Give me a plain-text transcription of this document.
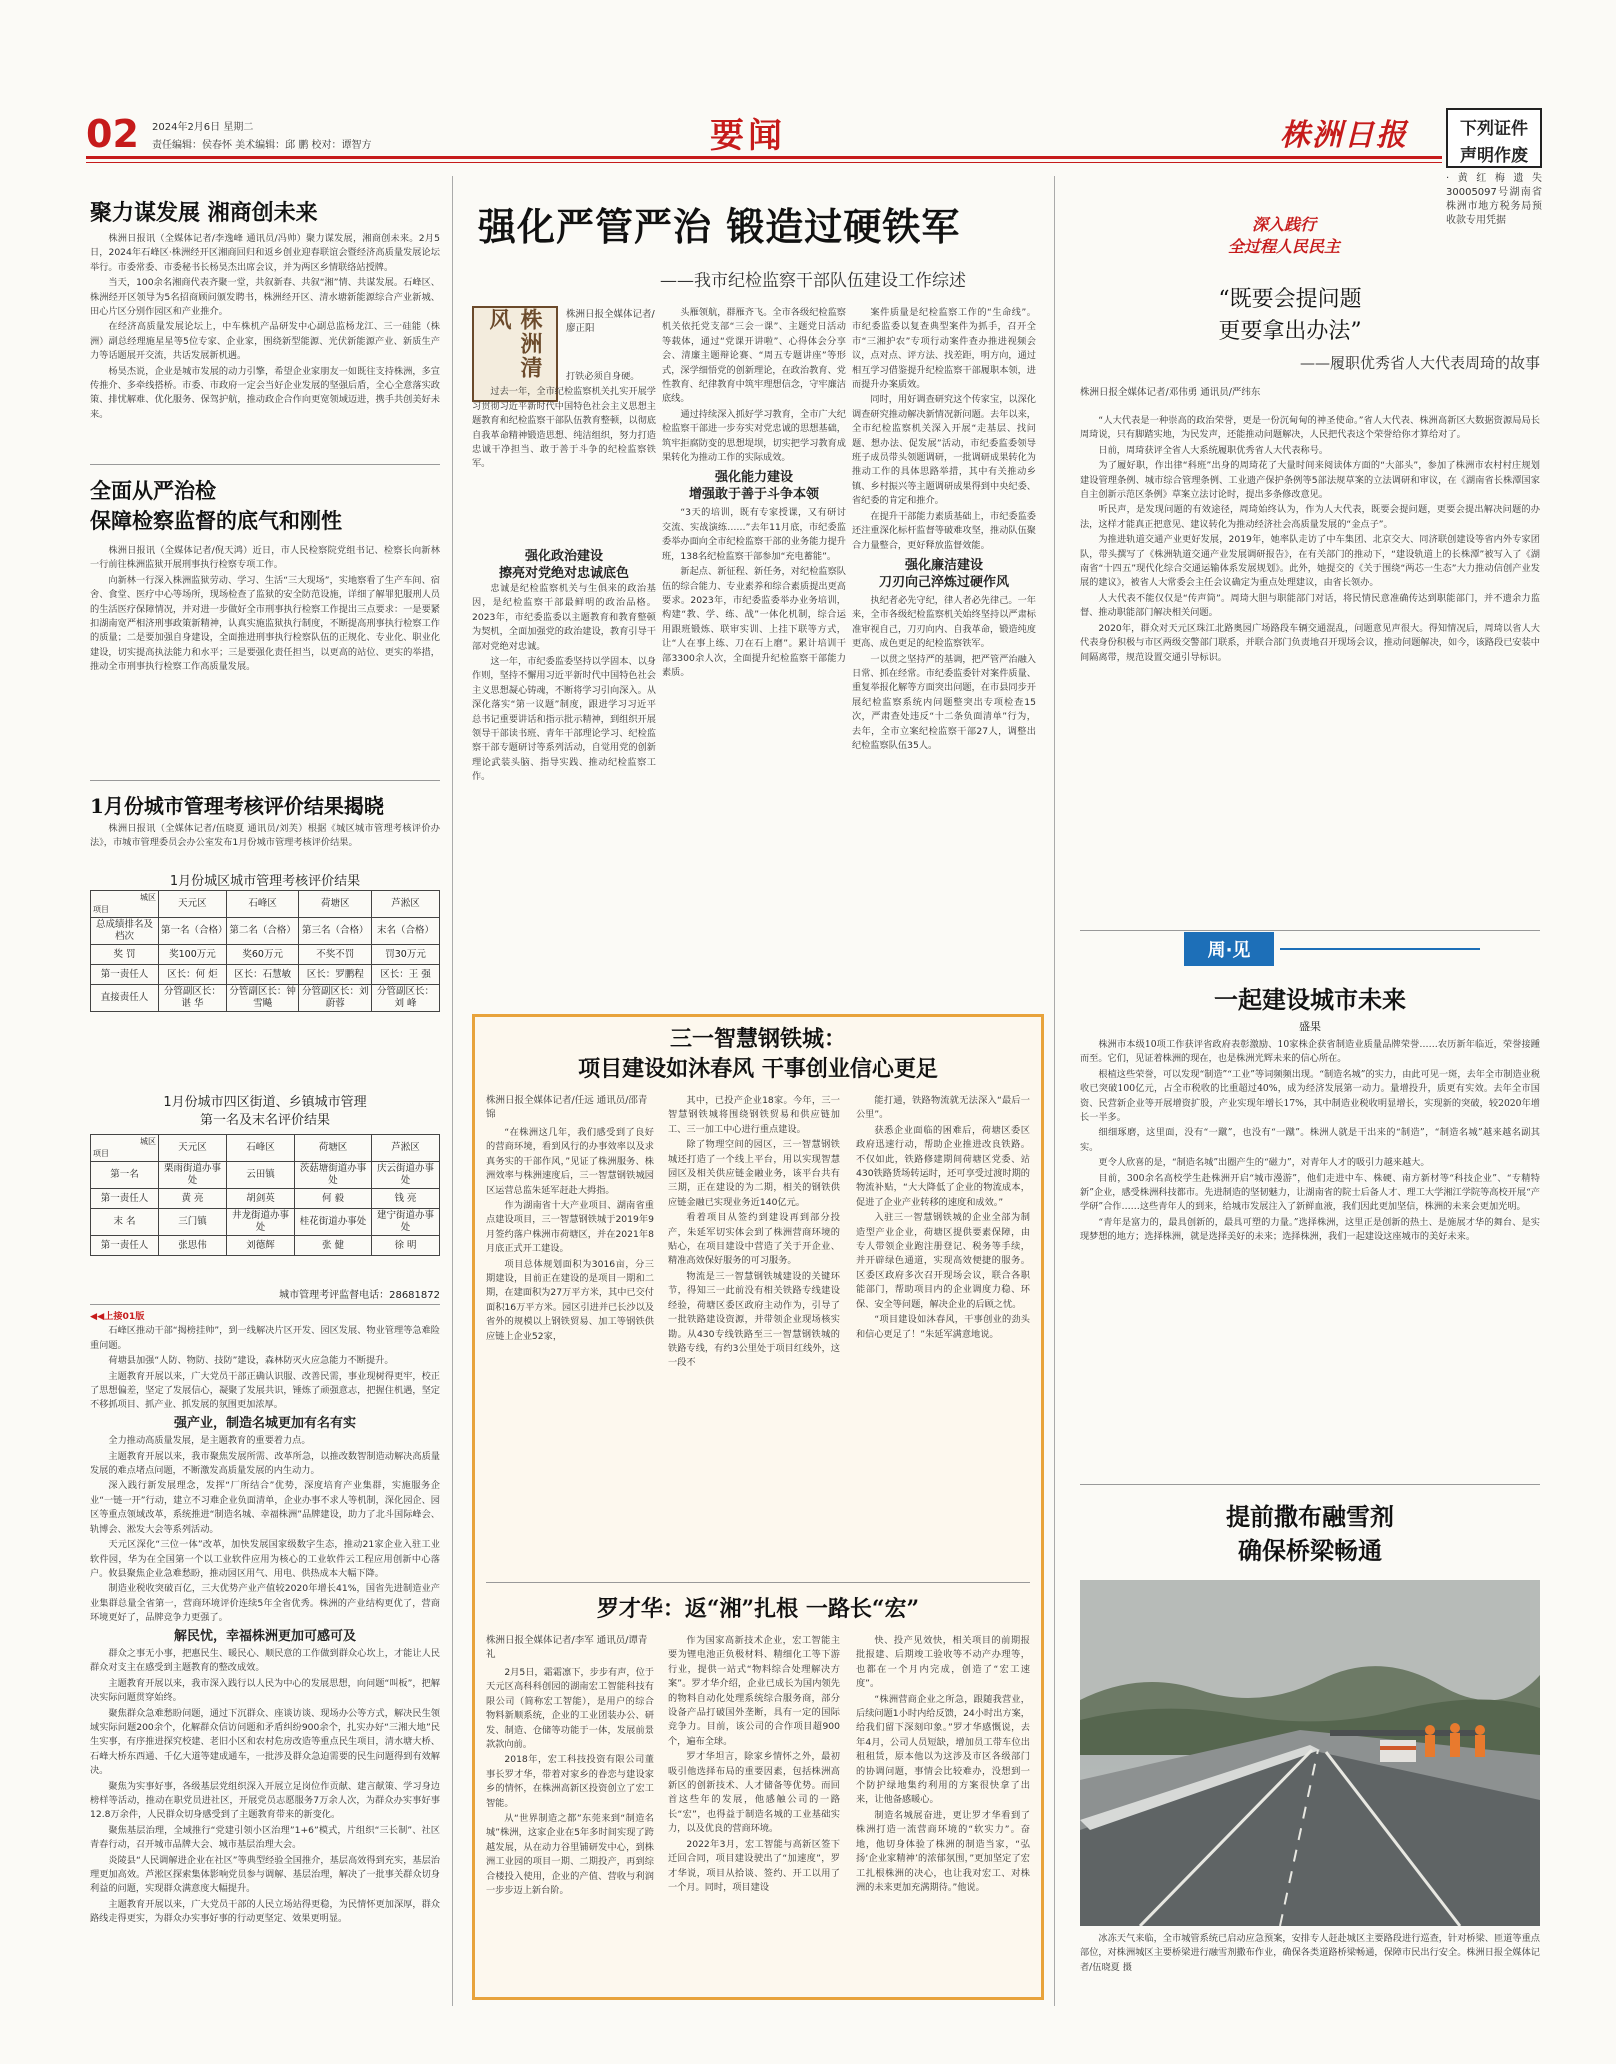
02 2024年2月6日 星期二
责任编辑：侯春怀 美术编辑：邱 鹏 校对：谭智方	要闻	株洲日报	下列证件
声明作废
·黄红梅遗失30005097号湖南省株洲市地方税务局预收款专用凭据
聚力谋发展 湘商创未来

株洲日报讯（全媒体记者/李逸峰 通讯员/冯帅）聚力谋发展，湘商创未来。2月5日，2024年石峰区·株洲经开区湘商回归和返乡创业迎春联谊会暨经济高质量发展论坛举行。市委常委、市委秘书长杨昊杰出席会议，并为两区乡情联络站授牌。

当天，100余名湘商代表齐聚一堂，共叙新春、共叙“湘”情、共谋发展。石峰区、株洲经开区领导为5名招商顾问颁发聘书，株洲经开区、清水塘新能源综合产业新城、田心片区分别作园区和产业推介。

在经济高质量发展论坛上，中车株机产品研发中心副总监杨龙江、三一硅能（株洲）副总经理施星星等5位专家、企业家，围绕新型能源、光伏新能源产业、新质生产力等话题展开交流，共话发展新机遇。

杨昊杰说，企业是城市发展的动力引擎，希望企业家朋友一如既往支持株洲，多宣传推介、多牵线搭桥。市委、市政府一定会当好企业发展的坚强后盾，全心全意落实政策、排忧解难、优化服务、保驾护航，推动政企合作向更宽领域迈进，携手共创美好未来。

全面从严治检
保障检察监督的底气和刚性

株洲日报讯（全媒体记者/倪天鸿）近日，市人民检察院党组书记、检察长向新林一行前往株洲监狱开展刑事执行检察专项工作。

向新林一行深入株洲监狱劳动、学习、生活“三大现场”，实地察看了生产车间、宿舍、食堂、医疗中心等场所，现场检查了监狱的安全防范设施，详细了解罪犯服刑人员的生活医疗保障情况，并对进一步做好全市刑事执行检察工作提出三点要求：一是要紧扣湖南宽严相济刑事政策新精神，认真实施监狱执行制度，不断提高刑事执行检察工作的质量；二是要加强自身建设，全面推进刑事执行检察队伍的正规化、专业化、职业化建设，切实提高执法能力和水平；三是要强化责任担当，以更高的站位、更实的举措，推动全市刑事执行检察工作高质量发展。

1月份城市管理考核评价结果揭晓
株洲日报讯（全媒体记者/伍晓夏 通讯员/刘芙）根据《城区城市管理考核评价办法》，市城市管理委员会办公室发布1月份城市管理考核评价结果。
1月份城区城市管理考核评价结果
城区
项目	天元区	石峰区	荷塘区	芦淞区
总成绩排名及档次	第一名（合格）	第二名（合格）	第三名（合格）	末名（合格）
奖 罚	奖100万元	奖60万元	不奖不罚	罚30万元
第一责任人	区长：何 炬	区长：石慧敏	区长：罗鹏程	区长：王 强
直接责任人	分管副区长：谌 华	分管副区长：钟雪飚	分管副区长：刘蔚蓉	分管副区长：刘 峰
1月份城市四区街道、乡镇城市管理
第一名及末名评价结果
城区
项目	天元区	石峰区	荷塘区	芦淞区
第一名	栗雨街道办事处	云田镇	茨菇塘街道办事处	庆云街道办事处
第一责任人	黄 亮	胡剑英	何 毅	钱 亮
末 名	三门镇	井龙街道办事处	桂花街道办事处	建宁街道办事处
第一责任人	张思伟	刘德辉	张 健	徐 明
城市管理考评监督电话：28681872
◀◀上接01版

石峰区推动干部“揭榜挂帅”，到一线解决片区开发、园区发展、物业管理等急难险重问题。

荷塘县加强“人防、物防、技防”建设，森林防灭火应急能力不断提升。

主题教育开展以来，广大党员干部正确认识服、改善民需，事业现树得更牢，校正了思想偏差，坚定了发展信心，凝聚了发展共识，锤炼了顽强意志，把握住机遇，坚定不移抓项目、抓产业、抓发展的氛围更加浓厚。

强产业，制造名城更加有名有实

全力推动高质量发展，是主题教育的重要着力点。

主题教育开展以来，我市聚焦发展所需、改革所急，以推改数智制造动解决高质量发展的难点堵点问题，不断激发高质量发展的内生动力。

深入践行新发展理念，发挥“厂所结合”优势，深度培育产业集群，实施服务企业“一链一开”行动，建立不习难企业负面清单，企业办事不求人等机制，深化园企、园区等重点领域改革，系统推进“制造名城、幸福株洲”品牌建设，助力了北斗国际峰会、轨博会、淞发大会等系列活动。

天元区深化“三位一体”改革，加快发展国家级数字生态，推动21家企业入驻工业软件园，华为在全国第一个以工业软件应用为核心的工业软件云工程应用创新中心落户。攸县聚焦企业急难愁盼，推动园区用气、用电、供热成本大幅下降。

制造业税收突破百亿，三大优势产业产值较2020年增长41%，国省先进制造业产业集群总量全省第一，营商环境评价连续5年全省优秀。株洲的产业结构更优了，营商环境更好了，品牌竞争力更强了。

解民忧，幸福株洲更加可感可及

群众之事无小事，把惠民生、暖民心、顺民意的工作做到群众心坎上，才能让人民群众对支主在感受到主题教育的整改成效。

主题教育开展以来，我市深入践行以人民为中心的发展思想，向问题“叫板”，把解决实际问题贯穿始终。

聚焦群众急难愁盼问题，通过下沉群众、座谈访谈、现场办公等方式，解决民生领域实际问题200余个，化解群众信访问题和矛盾纠纷900余个，扎实办好“三湘大地”民生实事，有序推进探究校建、老旧小区和农村危房改造等重点民生项目，清水塘大桥、石峰大桥东西通、千亿大道等建成通车，一批涉及群众急迫需要的民生问题得到有效解决。

聚焦为实事好事，各级基层党组织深入开展立足岗位作贡献、建言献策、学习身边榜样等活动，推动在职党员进社区，开展党员志愿服务7万余人次，为群众办实事好事12.8万余件，人民群众切身感受到了主题教育带来的新变化。

聚焦基层治理，全域推行“党建引领小区治理”1+6”模式，片组织“三长制”、社区青春行动，召开城市品牌大会、城市基层治理大会。

炎陵县“人民调解进企业在社区”等典型经验全国推介，基层高效得到充实，基层治理更加高效。芦淞区探索集体影响党员参与调解、基层治理，解决了一批事关群众切身利益的问题，实现群众满意度大幅提升。

主题教育开展以来，广大党员干部的人民立场站得更稳，为民情怀更加深厚，群众路线走得更实，为群众办实事好事的行动更坚定、效果更明显。

强化严管严治 锻造过硬铁军
——我市纪检监察干部队伍建设工作综述
株洲清风	株洲日报全媒体记者/廖正阳

打铁必须自身硬。

过去一年，全市纪检监察机关扎实开展学习贯彻习近平新时代中国特色社会主义思想主题教育和纪检监察干部队伍教育整顿，以彻底自我革命精神锻造思想、纯洁组织，努力打造忠诚干净担当、敢于善于斗争的纪检监察铁军。

强化政治建设
擦亮对党绝对忠诚底色

忠诚是纪检监察机关与生俱来的政治基因，是纪检监察干部最鲜明的政治品格。2023年，市纪委监委以主题教育和教育整顿为契机，全面加强党的政治建设，教育引导干部对党绝对忠诚。

这一年，市纪委监委坚持以学固本、以身作则，坚持不懈用习近平新时代中国特色社会主义思想凝心铸魂，不断将学习引向深入。从深化落实“第一议题”制度，跟进学习习近平总书记重要讲话和指示批示精神，到组织开展领导干部读书班、青年干部理论学习、纪检监察干部专题研讨等系列活动，自觉用党的创新理论武装头脑、指导实践、推动纪检监察工作。

头雁领航，群雁齐飞。全市各级纪检监察机关依托党支部“三会一课”、主题党日活动等载体，通过“党课开讲啦”、心得体会分享会、清廉主题辩论赛、“周五专题讲座”等形式，深学细悟党的创新理论，在政治教育、党性教育、纪律教育中筑牢理想信念，守牢廉洁底线。

通过持续深入抓好学习教育，全市广大纪检监察干部进一步夯实对党忠诚的思想基础，筑牢拒腐防变的思想堤坝，切实把学习教育成果转化为推动工作的实际成效。

强化能力建设
增强敢于善于斗争本领

“3天的培训，既有专家授课，又有研讨交流、实战演练……”去年11月底，市纪委监委举办面向全市纪检监察干部的业务能力提升班，138名纪检监察干部参加“充电蓄能”。

新起点、新征程、新任务，对纪检监察队伍的综合能力、专业素养和综合素质提出更高要求。2023年，市纪委监委举办业务培训，构建“教、学、练、战”一体化机制，综合运用跟班锻炼、联审实训、上挂下联等方式，让“人在事上练、刀在石上磨”。累计培训干部3300余人次，全面提升纪检监察干部能力素质。

案件质量是纪检监察工作的“生命线”。市纪委监委以复查典型案件为抓手，召开全市“三湘护农”专项行动案件查办推进视频会议，点对点、评方法、找差距，明方向，通过相互学习借鉴提升纪检监察干部履职本领，进而提升办案质效。

同时，用好调查研究这个传家宝，以深化调查研究推动解决新情况新问题。去年以来，全市纪检监察机关深入开展“走基层、找问题、想办法、促发展”活动，市纪委监委领导班子成员带头领题调研，一批调研成果转化为推动工作的具体思路举措，其中有关推动乡镇、乡村振兴等主题调研成果得到中央纪委、省纪委的肯定和推介。

在提升干部能力素质基础上，市纪委监委还注重深化标杆监督等破难攻坚，推动队伍聚合力量整合，更好释放监督效能。

强化廉洁建设
刀刃向己淬炼过硬作风

执纪者必先守纪，律人者必先律己。一年来，全市各级纪检监察机关始终坚持以严肃标准审视自己，刀刃向内、自我革命，锻造纯度更高、成色更足的纪检监察铁军。

一以贯之坚持严的基调，把严管严治融入日常、抓在经常。市纪委监委针对案件质量、重复举报化解等方面突出问题，在市县同步开展纪检监察系统内问题整突出专项检查15次，严肃查处违反“十二条负面清单”行为，去年，全市立案纪检监察干部27人，调整出纪检监察队伍35人。

三一智慧钢铁城：
项目建设如沐春风 干事创业信心更足
株洲日报全媒体记者/任远 通讯员/邵青锦

“在株洲这几年，我们感受到了良好的营商环境，看到风行的办事效率以及求真务实的干部作风，”见证了株洲服务、株洲效率与株洲速度后，三一智慧钢铁城园区运营总监朱延军赶赴大拇指。

作为湖南省十大产业项目、湖南省重点建设项目，三一智慧钢铁城于2019年9月签约落户株洲市荷塘区，并在2021年8月底正式开工建设。

项目总体规划面积为3016亩，分三期建设，目前正在建设的是项目一期和二期，在建面积为27万平方米，其中已交付面积16万平方米。园区引进并已长沙以及省外的规模以上钢铁贸易、加工等钢铁供应链上企业52家，

其中，已投产企业18家。今年，三一智慧钢铁城将围绕钢铁贸易和供应链加工、三一加工中心进行重点建设。

除了物理空间的园区，三一智慧钢铁城还打造了一个线上平台，用以实现智慧园区及相关供应链金融业务，该平台共有三期，正在建设的为二期，相关的钢铁供应链金融已实现业务近140亿元。

看着项目从签约到建设再到部分投产，朱延军切实体会到了株洲营商环境的贴心，在项目建设中营造了关于开企业、精准高效保好服务的可习服务。

物流是三一智慧钢铁城建设的关键环节，得知三一此前没有相关铁路专线建设经验，荷塘区委区政府主动作为，引导了一批铁路建设资源，并带领企业现场核实勘。从430专线铁路至三一智慧钢铁城的铁路专线，有约3公里处于项目红线外，这一段不

能打通，铁路物流就无法深入“最后一公里”。

获悉企业面临的困难后，荷塘区委区政府迅速行动，帮助企业推进改良铁路。不仅如此，铁路修建期间荷塘区党委、站430铁路货场转运时，还可享受过渡时期的物流补贴，“大大降低了企业的物流成本，促进了企业产业转移的速度和成效。”

入驻三一智慧钢铁城的企业全部为制造型产业企业，荷塘区提供要素保障，由专人带领企业跑注册登记、税务等手续，并开辟绿色通道，实现高效便捷的服务。区委区政府多次召开现场会议，联合各职能部门，帮助项目内的企业调度力稳、环保、安全等问题，解决企业的后顾之忧。

“项目建设如沐春风，干事创业的劲头和信心更足了！”朱延军满意地说。

罗才华：返“湘”扎根 一路长“宏”
株洲日报全媒体记者/李军 通讯员/谭青礼

2月5日，霜霜凛下，步步有声，位于天元区高科科创园的湖南宏工智能科技有限公司（简称宏工智能），是用户的综合物料新顺系统，企业的工业团装办公、研发、制造、仓储等功能于一体，发展前景款款向前。

2018年，宏工科技投资有限公司董事长罗才华，带着对家乡的眷恋与建设家乡的情怀，在株洲高新区投资创立了宏工智能。

从“世界制造之都”东莞来到“制造名城”株洲，这家企业在5年多时间实现了跨越发展，从在动力谷里铺研发中心，到株洲工业园的项目一期、二期投产，再到综合楼投入使用，企业的产值、营收与利润一步步迈上新台阶。

作为国家高新技术企业，宏工智能主要为锂电池正负极材料、精细化工等下游行业，提供一站式“物料综合处理解决方案”。罗才华介绍，企业已成长为国内领先的物料自动化处理系统综合服务商，部分设备产品打破国外垄断，具有一定的国际竞争力。目前，该公司的合作项目超900个，遍布全球。

罗才华坦言，除家乡情怀之外，最初吸引他选择布局的重要因素，包括株洲高新区的创新技术、人才储备等优势。而回首这些年的发展，他感触公司的一路长“宏”，也得益于制造名城的工业基础实力，以及优良的营商环境。

2022年3月，宏工智能与高新区签下迁回合同，项目建设驶出了“加速度”，罗才华说，项目从拾谈、签约、开工以用了一个月。同时，项目建设

快、投产见效快，相关项目的前期报批报建、后期竣工验收等不动产办理等，也都在一个月内完成，创造了“宏工速度”。

“株洲营商企业之所急，跟随我营业，后续问题1小时内给反馈，24小时出方案，给我们留下深刻印象。”罗才华感慨说，去年4月，公司人员短缺，增加员工带车位出租租赁，原本他以为这涉及市区各级部门的协调问题，事情会比较难办，没想到一个防护绿地集约利用的方案很快拿了出来，让他备感暖心。

制造名城展奋进，更让罗才华看到了株洲打造一流营商环境的“软实力”。奋地，他切身体验了株洲的制造当家，“弘扬‘企业家精神’的浓郁氛围，”更加坚定了宏工扎根株洲的决心，也让我对宏工、对株洲的未来更加充满期待。”他说。

深入践行
全过程人民民主
“既要会提问题
更要拿出办法”
——履职优秀省人大代表周琦的故事
株洲日报全媒体记者/邓伟勇 通讯员/严纬东

“人大代表是一种崇高的政治荣誉，更是一份沉甸甸的神圣使命。”省人大代表、株洲高新区大数据资源局局长周琦说，只有脚踏实地，为民发声，还能推动问题解决，人民把代表这个荣誉给你才算给对了。

日前，周琦获评全省人大系统履职优秀省人大代表称号。

为了履好职，作出律“科班”出身的周琦花了大量时间来阅读体方面的“大部头”，参加了株洲市农村村庄规划建设管理条例、城市综合管理条例、工业遗产保护条例等5部法规草案的立法调研和审议，在《湖南省长株潭国家自主创新示范区条例》草案立法讨论时，提出多条修改意见。

听民声，是发现问题的有效途径，周琦始终认为，作为人大代表，既要会提问题，更要会提出解决问题的办法，这样才能真正把意见、建议转化为推动经济社会高质量发展的“金点子”。

为推进轨道交通产业更好发展，2019年，她率队走访了中车集团、北京交大、同济联创建设等省内外专家团队，带头撰写了《株洲轨道交通产业发展调研报告》，在有关部门的推动下，“建设轨道上的长株潭”被写入了《湖南省“十四五”现代化综合交通运输体系发展规划》。此外，她提交的《关于围绕“两芯一生态”大力推动信创产业发展的建议》，被省人大常委会主任会议确定为重点处理建议，由省长领办。

人大代表不能仅仅是“传声筒”。周琦大胆与职能部门对话，将民情民意准确传达到职能部门，并不遗余力监督、推动职能部门解决相关问题。

2020年，群众对天元区珠江北路奥园广场路段车辆交通混乱，问题意见声很大。得知情况后，周琦以省人大代表身份积极与市区两级交警部门联系，并联合部门负责地召开现场会议，推动问题解决，如今，该路段已安装中间隔离带，规范设置交通引导标识。

周·见
一起建设城市未来
盛果

株洲市本级10项工作获评省政府表彰激励、10家株企获省制造业质量品牌荣誉……农历新年临近，荣誉接踵而至。它们，见证着株洲的现在，也是株洲光辉未来的信心所在。

根植这些荣誉，可以发现“制造”“工业”等词频频出现。“制造名城”的实力，由此可见一斑，去年全市制造业税收已突破100亿元，占全市税收的比重超过40%，成为经济发展第一动力。量增投升，质更有实效。去年全市国资、民营新企业等开展增资扩股，产业实现年增长17%，其中制造业税收明显增长，实现新的突破，较2020年增长一半多。

细细琢磨，这里面，没有“一蹴”，也没有“一蹴”。株洲人就是干出来的“制造”，“制造名城”越来越名副其实。

更令人欣喜的是，“制造名城”出圈产生的“磁力”，对青年人才的吸引力越来越大。

目前，300余名高校学生赴株洲开启“城市漫游”，他们走进中车、株硬、南方新材等“科技企业”、“专精特新”企业，感受株洲科技都市。先进制造的坚韧魅力，让湖南省的院士后备人才、理工大学湘江学院等高校开展“产学研”合作……这些青年人的到来，给城市发展注入了新鲜血液，我们因此更加坚信，株洲的未来会更加光明。

“青年是富力的，最具创新的，最具可塑的力量。”选择株洲，这里正是创新的热土、是施展才华的舞台、是实现梦想的地方；选择株洲，就是选择美好的未来；选择株洲，我们一起建设这座城市的美好未来。

提前撒布融雪剂
确保桥梁畅通
冰冻天气来临，全市城管系统已启动应急预案，安排专人赶赴城区主要路段进行巡查，针对桥梁、匝道等重点部位，对株洲城区主要桥梁进行融雪剂撒布作业，确保各类道路桥梁畅通，保障市民出行安全。株洲日报全媒体记者/伍晓夏 摄
